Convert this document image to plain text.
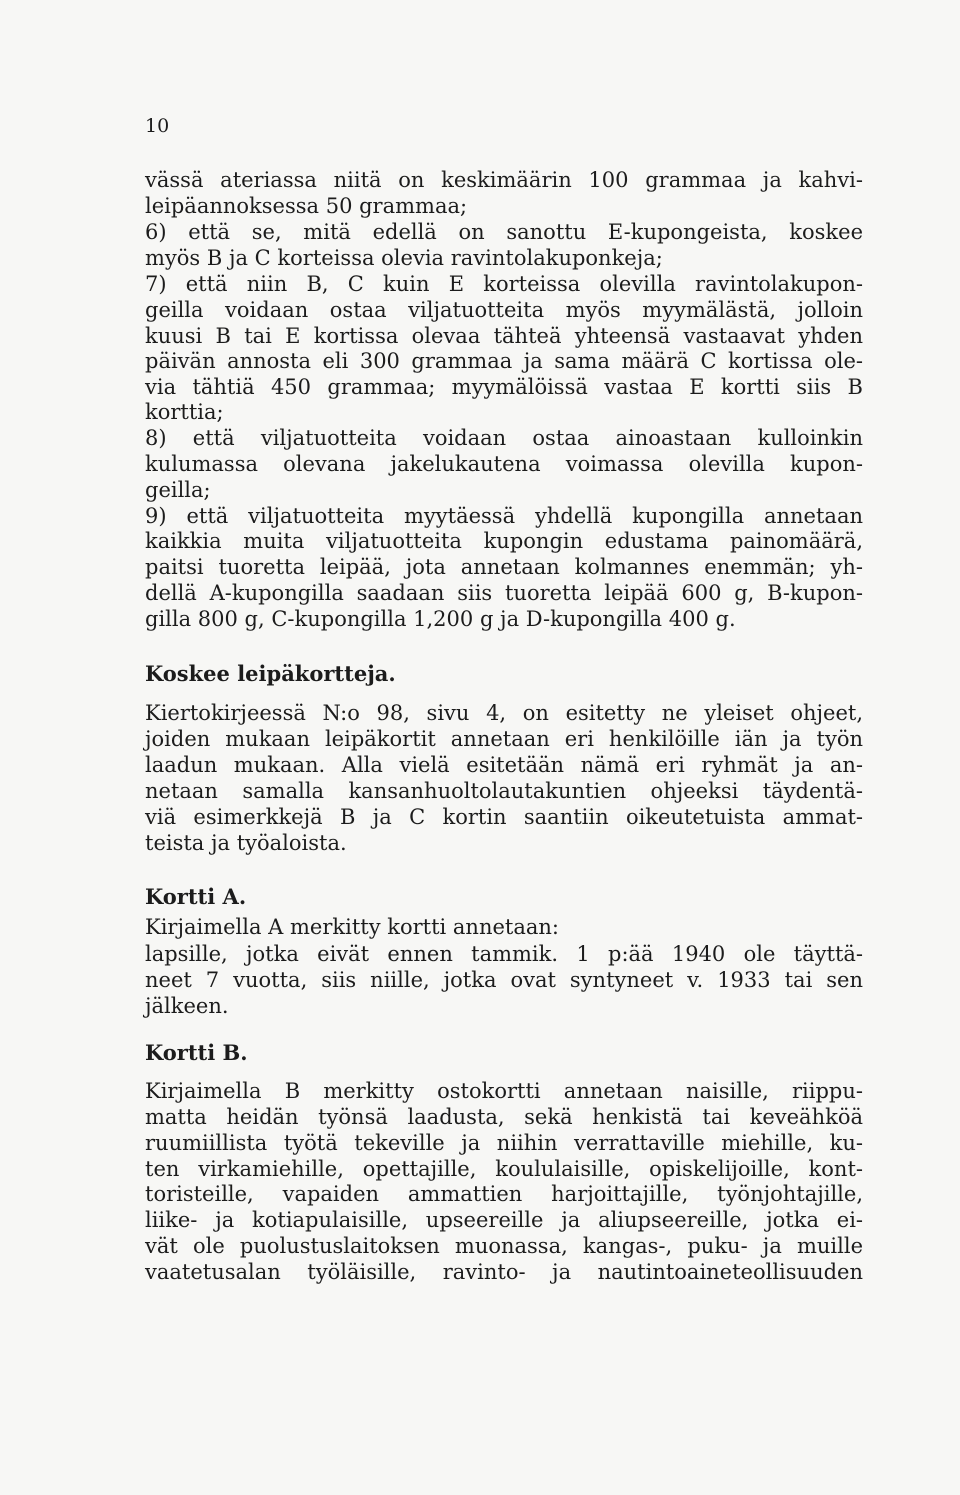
10
vässä ateriassa niitä on keskimäärin 100 grammaa ja kahvi-
leipäannoksessa 50 grammaa;
6) että se, mitä edellä on sanottu E-kupongeista, koskee
myös B ja C korteissa olevia ravintolakuponkeja;
7) että niin B, C kuin E korteissa olevilla ravintolakupon-
geilla voidaan ostaa viljatuotteita myös myymälästä, jolloin
kuusi B tai E kortissa olevaa tähteä yhteensä vastaavat yhden
päivän annosta eli 300 grammaa ja sama määrä C kortissa ole-
via tähtiä 450 grammaa; myymälöissä vastaa E kortti siis B
korttia;
8) että viljatuotteita voidaan ostaa ainoastaan kulloinkin
kulumassa olevana jakelukautena voimassa olevilla kupon-
geilla;
9) että viljatuotteita myytäessä yhdellä kupongilla annetaan
kaikkia muita viljatuotteita kupongin edustama painomäärä,
paitsi tuoretta leipää, jota annetaan kolmannes enemmän; yh-
dellä A-kupongilla saadaan siis tuoretta leipää 600 g, B-kupon-
gilla 800 g, C-kupongilla 1,200 g ja D-kupongilla 400 g.
Koskee leipäkortteja.
Kiertokirjeessä N:o 98, sivu 4, on esitetty ne yleiset ohjeet,
joiden mukaan leipäkortit annetaan eri henkilöille iän ja työn
laadun mukaan. Alla vielä esitetään nämä eri ryhmät ja an-
netaan samalla kansanhuoltolautakuntien ohjeeksi täydentä-
viä esimerkkejä B ja C kortin saantiin oikeutetuista ammat-
teista ja työaloista.
Kortti A.
Kirjaimella A merkitty kortti annetaan:
lapsille, jotka eivät ennen tammik. 1 p:ää 1940 ole täyttä-
neet 7 vuotta, siis niille, jotka ovat syntyneet v. 1933 tai sen
jälkeen.
Kortti B.
Kirjaimella B merkitty ostokortti annetaan naisille, riippu-
matta heidän työnsä laadusta, sekä henkistä tai keveähköä
ruumiillista työtä tekeville ja niihin verrattaville miehille, ku-
ten virkamiehille, opettajille, koululaisille, opiskelijoille, kont-
toristeille, vapaiden ammattien harjoittajille, työnjohtajille,
liike- ja kotiapulaisille, upseereille ja aliupseereille, jotka ei-
vät ole puolustuslaitoksen muonassa, kangas-, puku- ja muille
vaatetusalan työläisille, ravinto- ja nautintoaineteollisuuden
